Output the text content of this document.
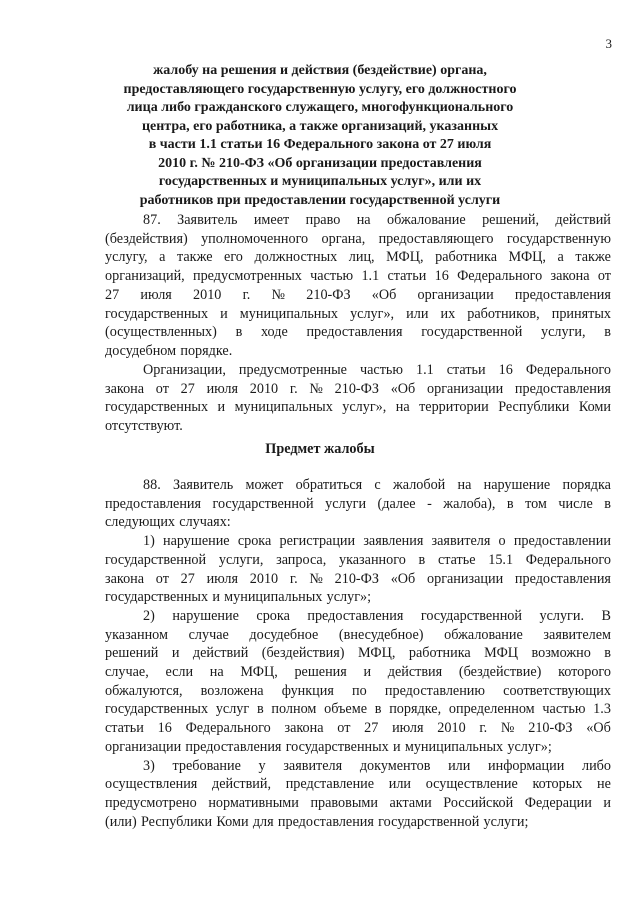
3
жалобу на решения и действия (бездействие) органа,
предоставляющего государственную услугу, его должностного
лица либо гражданского служащего, многофункционального
центра, его работника, а также организаций, указанных
в части 1.1 статьи 16 Федерального закона от 27 июля
2010 г. № 210-ФЗ «Об организации предоставления
государственных и муниципальных услуг», или их
работников при предоставлении государственной услуги
87. Заявитель имеет право на обжалование решений, действий
(бездействия) уполномоченного органа, предоставляющего государственную
услугу, а также его должностных лиц, МФЦ, работника МФЦ, а также
организаций, предусмотренных частью 1.1 статьи 16 Федерального закона от
27 июля 2010 г. № 210-ФЗ «Об организации предоставления
государственных и муниципальных услуг», или их работников, принятых
(осуществленных) в ходе предоставления государственной услуги, в
досудебном порядке.
Организации, предусмотренные частью 1.1 статьи 16 Федерального
закона от 27 июля 2010 г. № 210-ФЗ «Об организации предоставления
государственных и муниципальных услуг», на территории Республики Коми
отсутствуют.
Предмет жалобы
88. Заявитель может обратиться с жалобой на нарушение порядка
предоставления государственной услуги (далее - жалоба), в том числе в
следующих случаях:
1) нарушение срока регистрации заявления заявителя о предоставлении
государственной услуги, запроса, указанного в статье 15.1 Федерального
закона от 27 июля 2010 г. № 210-ФЗ «Об организации предоставления
государственных и муниципальных услуг»;
2) нарушение срока предоставления государственной услуги. В
указанном случае досудебное (внесудебное) обжалование заявителем
решений и действий (бездействия) МФЦ, работника МФЦ возможно в
случае, если на МФЦ, решения и действия (бездействие) которого
обжалуются, возложена функция по предоставлению соответствующих
государственных услуг в полном объеме в порядке, определенном частью 1.3
статьи 16 Федерального закона от 27 июля 2010 г. № 210-ФЗ «Об
организации предоставления государственных и муниципальных услуг»;
3) требование у заявителя документов или информации либо
осуществления действий, представление или осуществление которых не
предусмотрено нормативными правовыми актами Российской Федерации и
(или) Республики Коми для предоставления государственной услуги;
